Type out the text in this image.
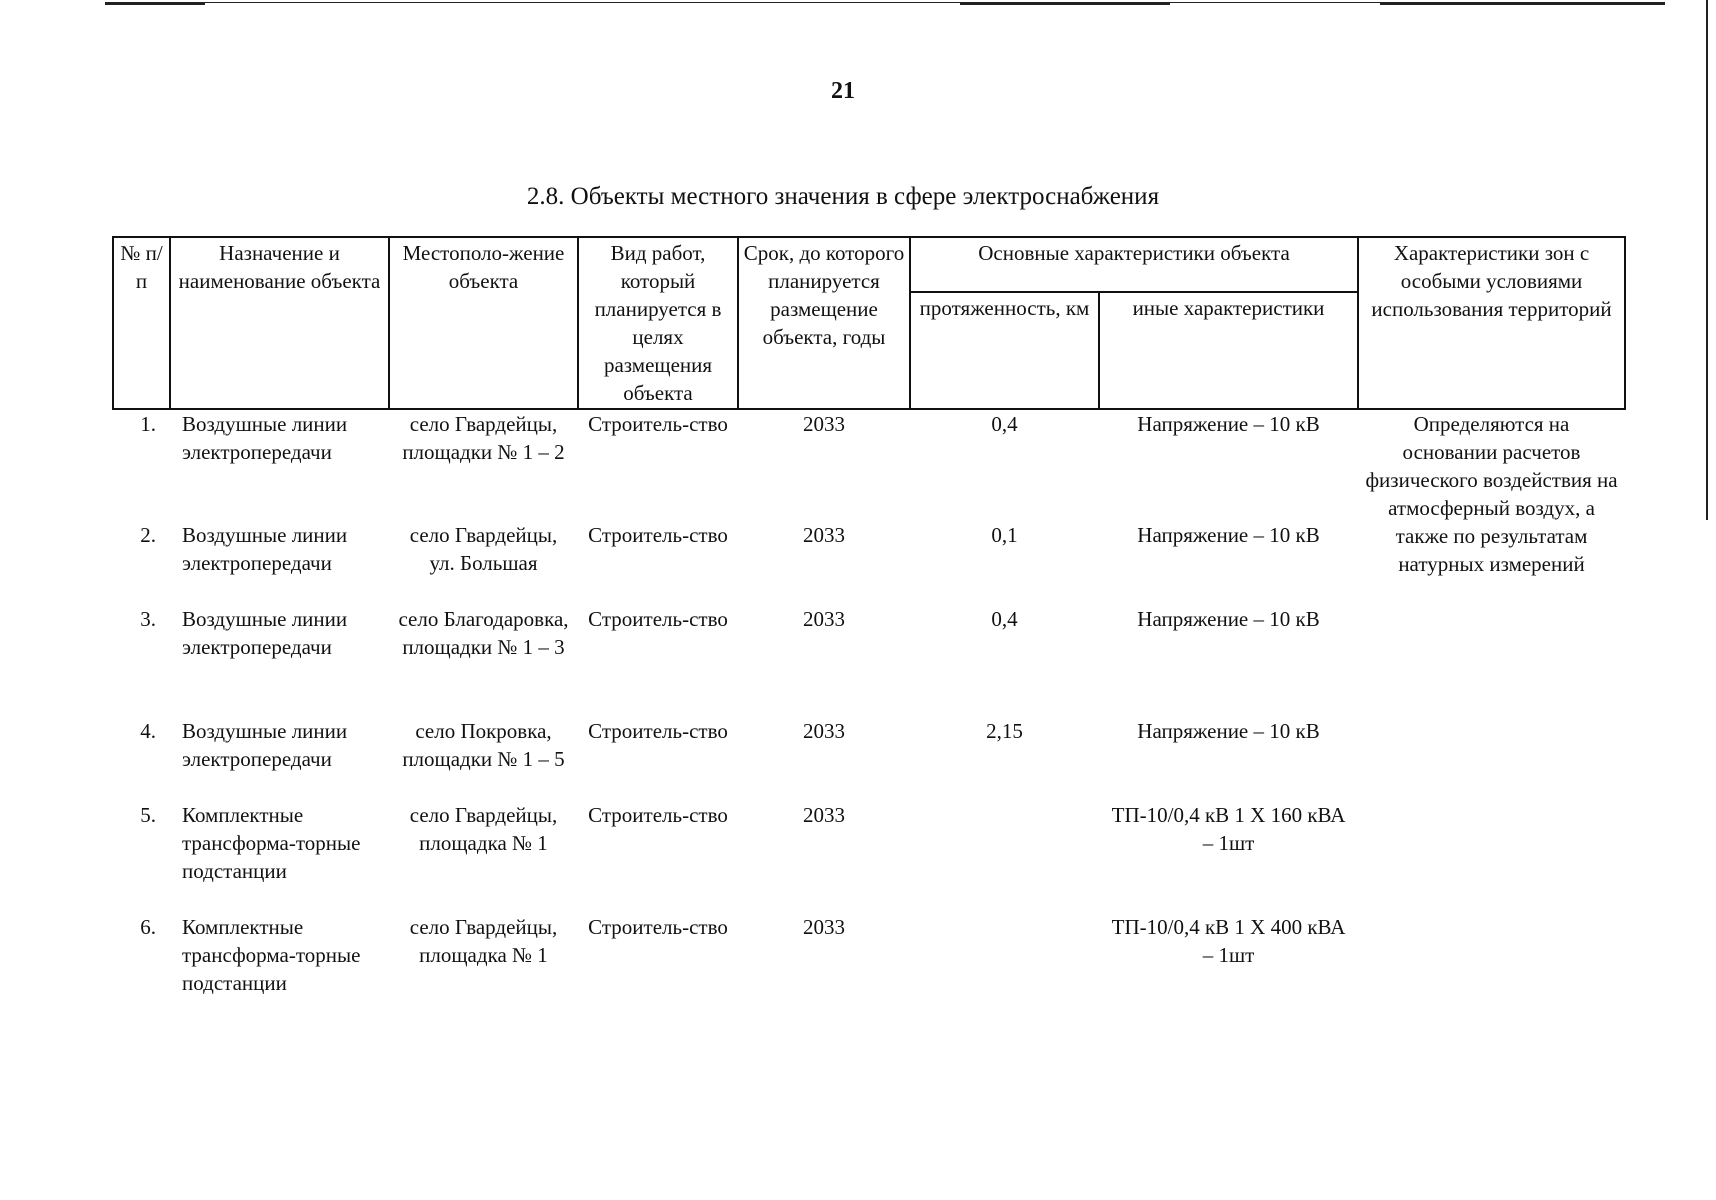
21
2.8. Объекты местного значения в сфере электроснабжения
№ п/п	Назначение и наименование объекта	Местополо-жение объекта	Вид работ, который планируется в целях размещения объекта	Срок, до которого планируется размещение объекта, годы	Основные характеристики объекта		Характеристики зон с особыми условиями использования территорий
					протяженность, км	иные характеристики	
1.	Воздушные линии электропередачи	село Гвардейцы, площадки № 1 – 2	Строитель-ство	2033	0,4	Напряжение – 10 кВ	Определяются на основании расчетов физического воздействия на атмосферный воздух, а также по результатам натурных измерений
2.	Воздушные линии электропередачи	село Гвардейцы, ул. Большая	Строитель-ство	2033	0,1	Напряжение – 10 кВ	
3.	Воздушные линии электропередачи	село Благодаровка, площадки № 1 – 3	Строитель-ство	2033	0,4	Напряжение – 10 кВ	
4.	Воздушные линии электропередачи	село Покровка, площадки № 1 – 5	Строитель-ство	2033	2,15	Напряжение – 10 кВ	
5.	Комплектные трансформа-торные подстанции	село Гвардейцы, площадка № 1	Строитель-ство	2033		ТП-10/0,4 кВ 1 Х 160 кВА – 1шт	
6.	Комплектные трансформа-торные подстанции	село Гвардейцы, площадка № 1	Строитель-ство	2033		ТП-10/0,4 кВ 1 Х 400 кВА – 1шт	
